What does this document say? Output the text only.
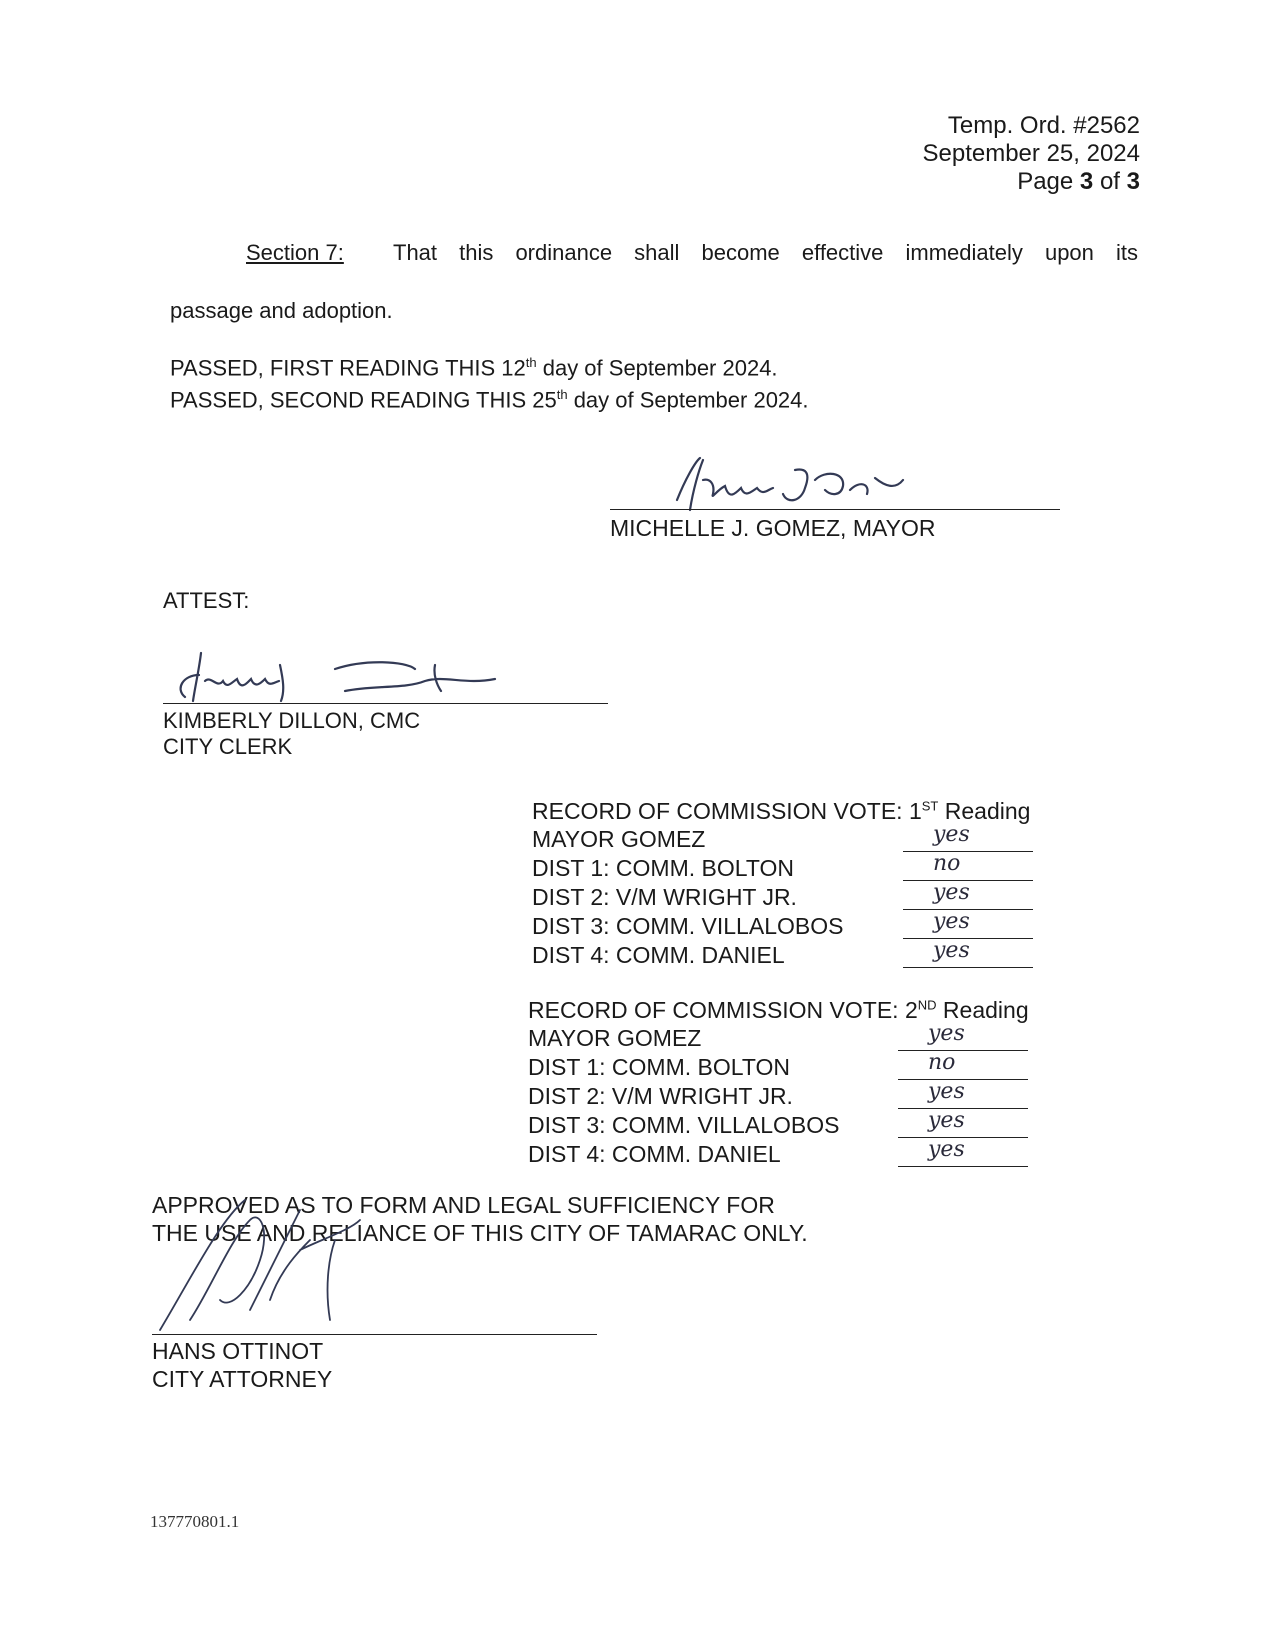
Temp. Ord. #2562
September 25, 2024
Page 3 of 3
Section 7: That this ordinance shall become effective immediately upon its
passage and adoption.
PASSED, FIRST READING THIS 12th day of September 2024.
PASSED, SECOND READING THIS 25th day of September 2024.
MICHELLE J. GOMEZ, MAYOR
ATTEST:
KIMBERLY DILLON, CMC
CITY CLERK
RECORD OF COMMISSION VOTE: 1ST Reading
MAYOR GOMEZ	yes
DIST 1: COMM. BOLTON	no
DIST 2: V/M WRIGHT JR.	yes
DIST 3: COMM. VILLALOBOS	yes
DIST 4: COMM. DANIEL	yes
RECORD OF COMMISSION VOTE: 2ND Reading
MAYOR GOMEZ	yes
DIST 1: COMM. BOLTON	no
DIST 2: V/M WRIGHT JR.	yes
DIST 3: COMM. VILLALOBOS	yes
DIST 4: COMM. DANIEL	yes
APPROVED AS TO FORM AND LEGAL SUFFICIENCY FOR
THE USE AND RELIANCE OF THIS CITY OF TAMARAC ONLY.
HANS OTTINOT
CITY ATTORNEY
137770801.1
